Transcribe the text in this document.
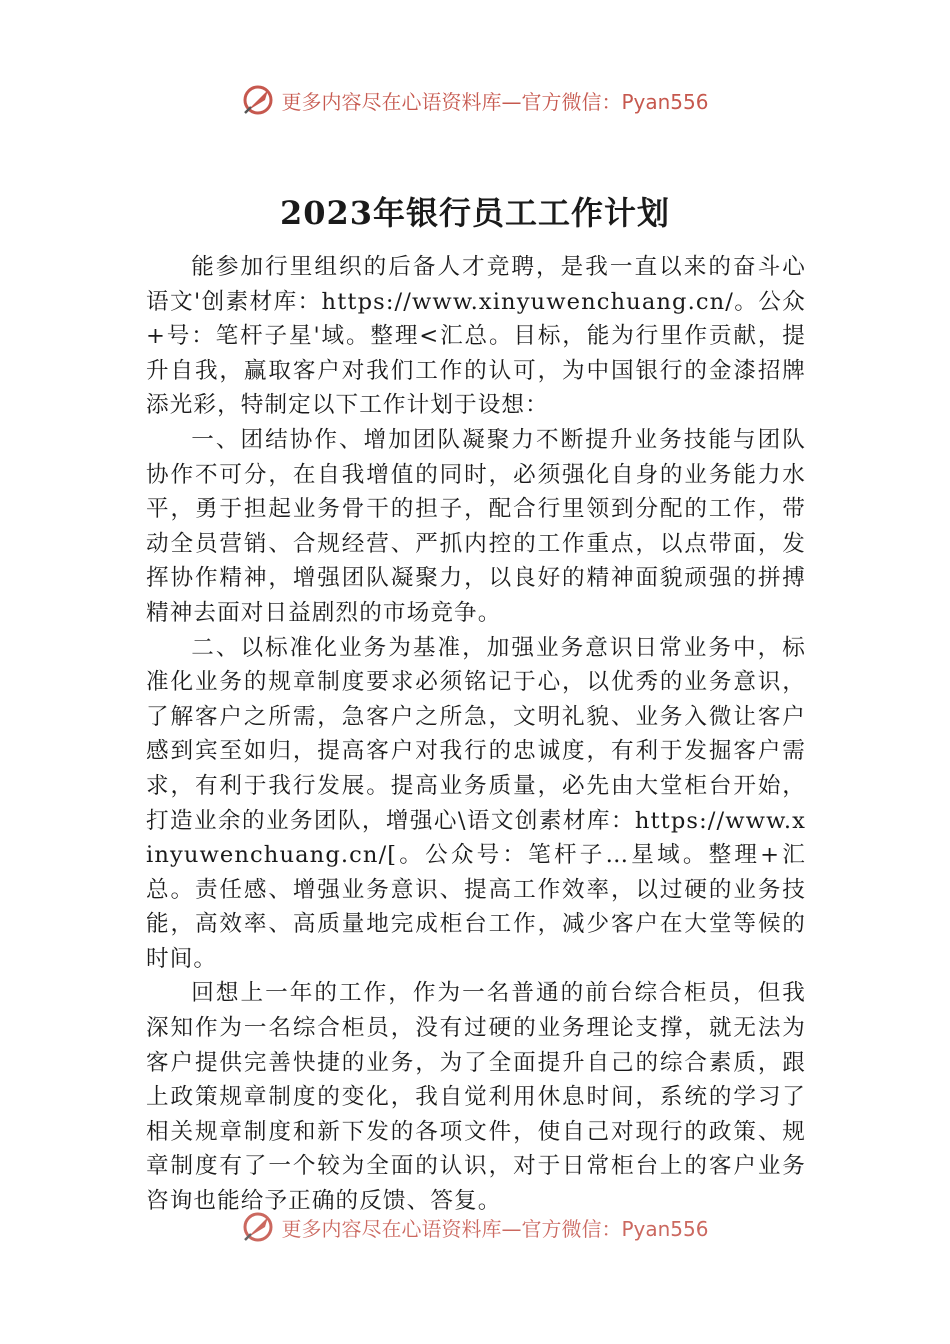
更多内容尽在心语资料库—官方微信：Pyan556
2023年银行员工工作计划

能参加行里组织的后备人才竞聘，是我一直以来的奋斗心语文'创素材库：https://www.xinyuwenchuang.cn/。公众+号：笔杆子星'域。整理<汇总。目标，能为行里作贡献，提升自我，赢取客户对我们工作的认可，为中国银行的金漆招牌添光彩，特制定以下工作计划于设想：

一、团结协作、增加团队凝聚力不断提升业务技能与团队协作不可分，在自我增值的同时，必须强化自身的业务能力水平，勇于担起业务骨干的担子，配合行里领到分配的工作，带动全员营销、合规经营、严抓内控的工作重点，以点带面，发挥协作精神，增强团队凝聚力，以良好的精神面貌顽强的拼搏精神去面对日益剧烈的市场竞争。

二、以标准化业务为基准，加强业务意识日常业务中，标准化业务的规章制度要求必须铭记于心，以优秀的业务意识，了解客户之所需，急客户之所急，文明礼貌、业务入微让客户感到宾至如归，提高客户对我行的忠诚度，有利于发掘客户需求，有利于我行发展。提高业务质量，必先由大堂柜台开始，打造业余的业务团队，增强心\语文创素材库：https://www.xinyuwenchuang.cn/[。公众号：笔杆子…星域。整理+汇总。责任感、增强业务意识、提高工作效率，以过硬的业务技能，高效率、高质量地完成柜台工作，减少客户在大堂等候的时间。

回想上一年的工作，作为一名普通的前台综合柜员，但我深知作为一名综合柜员，没有过硬的业务理论支撑，就无法为客户提供完善快捷的业务，为了全面提升自己的综合素质，跟上政策规章制度的变化，我自觉利用休息时间，系统的学习了相关规章制度和新下发的各项文件，使自己对现行的政策、规章制度有了一个较为全面的认识，对于日常柜台上的客户业务咨询也能给予正确的反馈、答复。

更多内容尽在心语资料库—官方微信：Pyan556
